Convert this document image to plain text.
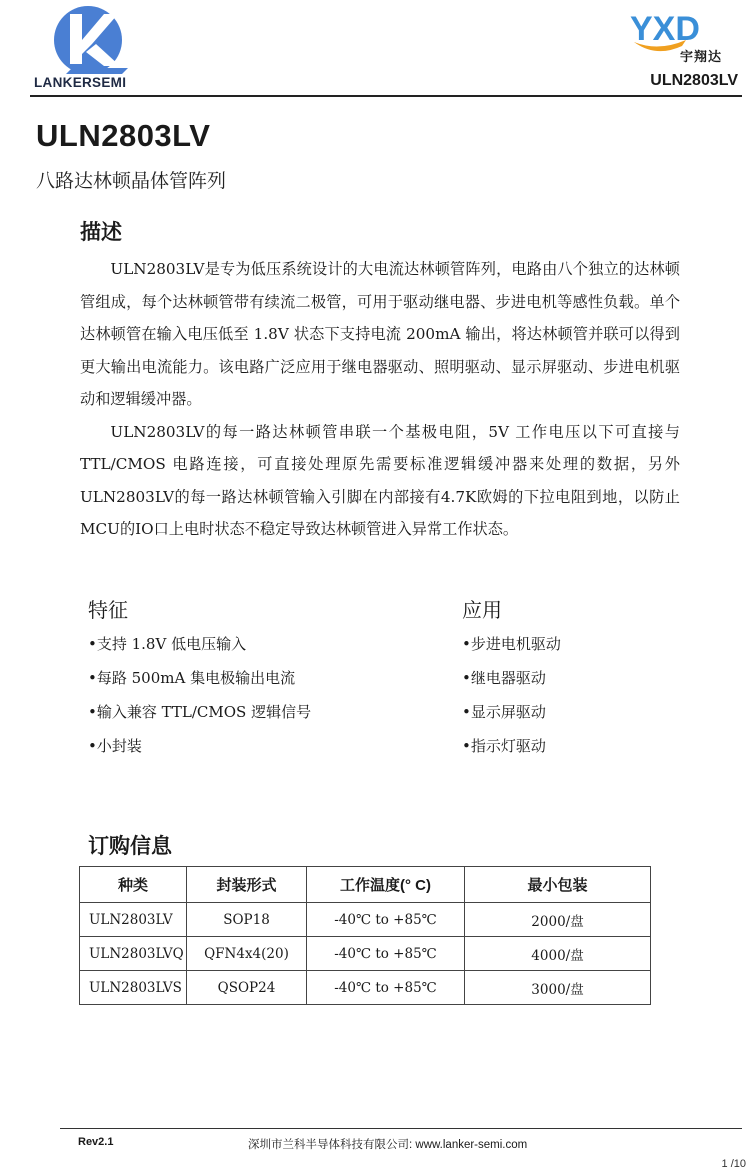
LANKERSEMI
YXD
宇翔达
ULN2803LV
ULN2803LV
八路达林顿晶体管阵列
描述

ULN2803LV是专为低压系统设计的大电流达林顿管阵列，电路由八个独立的达林顿管组成，每个达林顿管带有续流二极管，可用于驱动继电器、步进电机等感性负载。单个达林顿管在输入电压低至 1.8V 状态下支持电流 200mA 输出，将达林顿管并联可以得到更大输出电流能力。该电路广泛应用于继电器驱动、照明驱动、显示屏驱动、步进电机驱动和逻辑缓冲器。

ULN2803LV的每一路达林顿管串联一个基极电阻，5V 工作电压以下可直接与TTL/CMOS 电路连接，可直接处理原先需要标准逻辑缓冲器来处理的数据，另外ULN2803LV的每一路达林顿管输入引脚在内部接有4.7K欧姆的下拉电阻到地，以防止MCU的IO口上电时状态不稳定导致达林顿管进入异常工作状态。

特征
•支持 1.8V 低电压输入
•每路 500mA 集电极输出电流
•输入兼容 TTL/CMOS 逻辑信号
•小封装
应用
•步进电机驱动
•继电器驱动
•显示屏驱动
•指示灯驱动
订购信息
种类	封装形式	工作温度(° C)	最小包装
ULN2803LV	SOP18	-40℃ to +85℃	2000/盘
ULN2803LVQ	QFN4x4(20)	-40℃ to +85℃	4000/盘
ULN2803LVS	QSOP24	-40℃ to +85℃	3000/盘
Rev2.1	深圳市兰科半导体科技有限公司: www.lanker-semi.com
1 /10
